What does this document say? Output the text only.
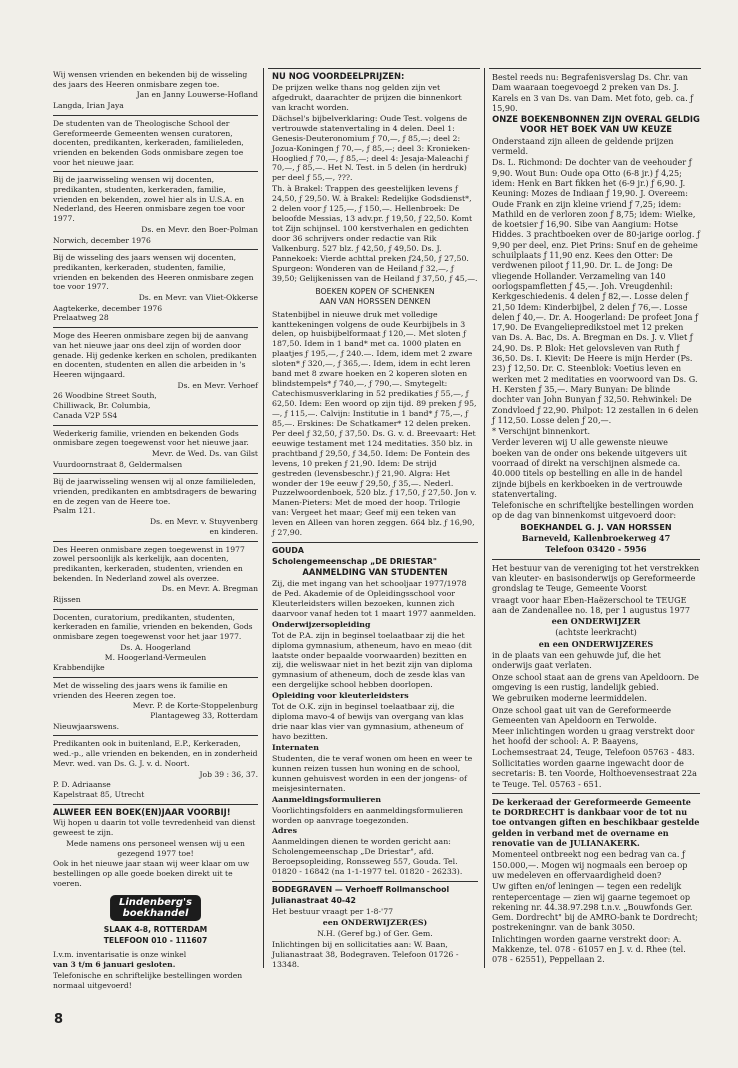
Wij wensen vrienden en bekenden bij de wisseling des jaars des Heeren onmisbare zegen toe.

Jan en Janny Louwerse-Hofland

Langda, Irian Jaya

De studenten van de Theologische School der Gereformeerde Gemeenten wensen curatoren, docenten, predikanten, kerkeraden, familieleden, vrienden en bekenden Gods onmisbare zegen toe voor het nieuwe jaar.

Bij de jaarwisseling wensen wij docenten, predikanten, studenten, kerkeraden, familie, vrienden en bekenden, zowel hier als in U.S.A. en Nederland, des Heeren onmisbare zegen toe voor 1977.

Ds. en Mevr. den Boer-Polman

Norwich, december 1976

Bij de wisseling des jaars wensen wij docenten, predikanten, kerkeraden, studenten, familie, vrienden en bekenden des Heeren onmisbare zegen toe voor 1977.

Ds. en Mevr. van Vliet-Okkerse

Aagtekerke, december 1976
Prelaatweg 28

Moge des Heeren onmisbare zegen bij de aanvang van het nieuwe jaar ons deel zijn of worden door genade. Hij gedenke kerken en scholen, predikanten en docenten, studenten en allen die arbeiden in 's Heeren wijngaard.

Ds. en Mevr. Verhoef

26 Woodbine Street South,
Chilliwack, Br. Columbia,
Canada V2P 5S4

Wederkerig familie, vrienden en bekenden Gods onmisbare zegen toegewenst voor het nieuwe jaar.

Mevr. de Wed. Ds. van Gilst

Vuurdoornstraat 8, Geldermalsen

Bij de jaarwisseling wensen wij al onze familieleden, vrienden, predikanten en ambtsdragers de bewaring en de zegen van de Heere toe.
Psalm 121.

Ds. en Mevr. v. Stuyvenberg
en kinderen.

Des Heeren onmisbare zegen toegewenst in 1977 zowel persoonlijk als kerkelijk, aan docenten, predikanten, kerkeraden, studenten, vrienden en bekenden. In Nederland zowel als overzee.

Ds. en Mevr. A. Bregman

Rijssen

Docenten, curatorium, predikanten, studenten, kerkeraden en familie, vrienden en bekenden, Gods onmisbare zegen toegewenst voor het jaar 1977.

Ds. A. Hoogerland
M. Hoogerland-Vermeulen

Krabbendijke

Met de wisseling des jaars wens ik familie en vrienden des Heeren zegen toe.

Mevr. P. de Korte-Stoppelenburg
Plantageweg 33, Rotterdam

Nieuwjaarswens.

Predikanten ook in buitenland, E.P., Kerkeraden, wed.-p., alle vrienden en bekenden, en in zonderheid Mevr. wed. van Ds. G. J. v. d. Noort.

Job 39 : 36, 37.

P. D. Adriaanse
Kapelstraat 85, Utrecht

ALWEER EEN BOEK(EN)JAAR VOORBIJ!

Wij hopen u daarin tot volle tevredenheid van dienst geweest te zijn.

Mede namens ons personeel wensen wij u een gezegend 1977 toe!

Ook in het nieuwe jaar staan wij weer klaar om uw bestellingen op alle goede boeken direkt uit te voeren.

Lindenberg's
boekhandel

SLAAK 4-8, ROTTERDAM

TELEFOON 010 - 111607

I.v.m. inventarisatie is onze winkel

van 3 t/m 6 januari gesloten.

Telefonische en schriftelijke bestellingen worden normaal uitgevoerd!

NU NOG VOORDEELPRIJZEN:

De prijzen welke thans nog gelden zijn vet afgedrukt, daarachter de prijzen die binnenkort van kracht worden.

Dächsel's bijbelverklaring: Oude Test. volgens de vertrouwde statenvertaling in 4 delen. Deel 1: Genesis-Deuteronomium ƒ 70,—, ƒ 85,—; deel 2: Jozua-Koningen ƒ 70,—, ƒ 85,—; deel 3: Kronieken-Hooglied ƒ 70,—, ƒ 85,—; deel 4: Jesaja-Maleachi ƒ 70,—, ƒ 85,—. Het N. Test. in 5 delen (in herdruk) per deel ƒ 55,—, ???.

Th. à Brakel: Trappen des geestelijken levens ƒ 24,50, ƒ 29,50. W. à Brakel: Redelijke Godsdienst*, 2 delen voor ƒ 125,—, ƒ 150,—. Hellenbroek: De beloofde Messias, 13 adv.pr. ƒ 19,50, ƒ 22,50. Komt tot Zijn schijnsel. 100 kerstverhalen en gedichten door 36 schrijvers onder redactie van Rik Valkenburg. 527 blz. ƒ 42,50, ƒ 49,50. Ds. J. Pannekoek: Vierde achttal preken ƒ24,50, ƒ 27,50. Spurgeon: Wonderen van de Heiland ƒ 32,—, ƒ 39,50; Gelijkenissen van de Heiland ƒ 37,50, ƒ 45,—.

BOEKEN KOPEN OF SCHENKEN
AAN VAN HORSSEN DENKEN

Statenbijbel in nieuwe druk met volledige kanttekeningen volgens de oude Keurbijbels in 3 delen, op huisbijbelformaat ƒ 120,—. Met sloten ƒ 187,50. Idem in 1 band* met ca. 1000 platen en plaatjes ƒ 195,—, ƒ 240.—. Idem, idem met 2 zware sloten* ƒ 320,—, ƒ 365,—. Idem, idem in echt leren band met 8 zware hoeken en 2 koperen sloten en blindstempels* ƒ 740,—, ƒ 790,—. Smytegelt: Catechismusverklaring in 52 predikaties ƒ 55,—, ƒ 62,50. Idem: Een woord op zijn tijd. 89 preken ƒ 95,—, ƒ 115,—. Calvijn: Institutie in 1 band* ƒ 75,—, ƒ 85,—. Erskines: De Schatkamer* 12 delen preken. Per deel ƒ 32,50, ƒ 37,50. Ds. G. v. d. Breevaart: Het eeuwige testament met 124 meditaties. 350 blz. in prachtband ƒ 29,50, ƒ 34,50. Idem: De Fontein des levens, 10 preken ƒ 21,90. Idem: De strijd gestreden (levensbeschr.) ƒ 21,90. Algra: Het wonder der 19e eeuw ƒ 29,50, ƒ 35,—. Nederl. Puzzelwoordenboek, 520 blz. ƒ 17,50, ƒ 27,50. Jon v. Manen-Pieters: Met de moed der hoop. Trilogie van: Vergeet het maar; Geef mij een teken van leven en Alleen van horen zeggen. 664 blz. ƒ 16,90, ƒ 27,90.

GOUDA

Scholengemeenschap „DE DRIESTAR"

AANMELDING VAN STUDENTEN

Zij, die met ingang van het schooljaar 1977/1978 de Ped. Akademie of de Opleidingsschool voor Kleuterleidsters willen bezoeken, kunnen zich daarvoor vanaf heden tot 1 maart 1977 aanmelden.

Onderwijzersopleiding

Tot de P.A. zijn in beginsel toelaatbaar zij die het diploma gymnasium, atheneum, havo en meao (dit laatste onder bepaalde voorwaarden) bezitten en zij, die weliswaar niet in het bezit zijn van diploma gymnasium of atheneum, doch de zesde klas van een dergelijke school hebben doorlopen.

Opleiding voor kleuterleidsters

Tot de O.K. zijn in beginsel toelaatbaar zij, die diploma mavo-4 of bewijs van overgang van klas drie naar klas vier van gymnasium, atheneum of havo bezitten.

Internaten

Studenten, die te veraf wonen om heen en weer te kunnen reizen tussen hun woning en de school, kunnen gehuisvest worden in een der jongens- of meisjesinternaten.

Aanmeldingsformulieren

Voorlichtingsfolders en aanmeldingsformulieren worden op aanvrage toegezonden.

Adres

Aanmeldingen dienen te worden gericht aan: Scholengemeenschap „De Driestar", afd. Beroepsopleiding, Ronsseweg 557, Gouda. Tel. 01820 - 16842 (na 1-1-1977 tel. 01820 - 26233).

BODEGRAVEN — Verhoeff Rollmanschool

Julianastraat 40-42

Het bestuur vraagt per 1-8-'77

een ONDERWIJZER(ES)

N.H. (Geref bg.) of Ger. Gem.

Inlichtingen bij en sollicitaties aan: W. Baan, Julianastraat 38, Bodegraven. Telefoon 01726 - 13348.

Bestel reeds nu: Begrafenisverslag Ds. Chr. van Dam waaraan toegevoegd 2 preken van Ds. J. Karels en 3 van Ds. van Dam. Met foto, geb. ca. ƒ 15,90.

ONZE BOEKENBONNEN ZIJN OVERAL GELDIG VOOR HET BOEK VAN UW KEUZE

Onderstaand zijn alleen de geldende prijzen vermeld.

Ds. L. Richmond: De dochter van de veehouder ƒ 9,90. Wout Bun: Oude opa Otto (6-8 jr.) ƒ 4,25; idem: Henk en Bart fikken het (6-9 jr.) ƒ 6,90. J. Keuning: Mozes de Indiaan ƒ 19,90. J. Overeem: Oude Frank en zijn kleine vriend ƒ 7,25; idem: Mathild en de verloren zoon ƒ 8,75; idem: Wielke, de koetsier ƒ 16,90. Sibe van Aangium: Hotse Hiddes. 3 prachtboeken over de 80-jarige oorlog. ƒ 9,90 per deel, enz. Piet Prins: Snuf en de geheime schuilplaats ƒ 11,90 enz. Kees den Otter: De verdwenen piloot ƒ 11,90. Dr. L. de Jong: De vliegende Hollander. Verzameling van 140 oorlogspamfletten ƒ 45,—. Joh. Vreugdenhil: Kerkgeschiedenis. 4 delen ƒ 82,—. Losse delen ƒ 21,50 Idem: Kinderbijbel, 2 delen ƒ 76,—. Losse delen ƒ 40,—. Dr. A. Hoogerland: De profeet Jona ƒ 17,90. De Evangeliepredikstoel met 12 preken van Ds. A. Bac, Ds. A. Bregman en Ds. J. v. Vliet ƒ 24,90. Ds. P. Blok: Het gelovsleven van Ruth ƒ 36,50. Ds. I. Kievit: De Heere is mijn Herder (Ps. 23) ƒ 12,50. Dr. C. Steenblok: Voetius leven en werken met 2 meditaties en voorwoord van Ds. G. H. Kersten ƒ 35,—. Mary Bunyan: De blinde dochter van John Bunyan ƒ 32,50. Rehwinkel: De Zondvloed ƒ 22,90. Philpot: 12 zestallen in 6 delen ƒ 112,50. Losse delen ƒ 20,—.

* Verschijnt binnenkort.

Verder leveren wij U alle gewenste nieuwe boeken van de onder ons bekende uitgevers uit voorraad of direkt na verschijnen alsmede ca. 40.000 titels op bestelling en alle in de handel zijnde bijbels en kerkboeken in de vertrouwde statenvertaling.

Telefonische en schriftelijke bestellingen worden op de dag van binnenkomst uitgevoerd door:

BOEKHANDEL G. J. VAN HORSSEN

Barneveld, Kallenbroekerweg 47

Telefoon 03420 - 5956

Het bestuur van de vereniging tot het verstrekken van kleuter- en basisonderwijs op Gereformeerde grondslag te Teuge, Gemeente Voorst

vraagt voor haar Eben-Haëzerschool te TEUGE aan de Zandenallee no. 18, per 1 augustus 1977

een ONDERWIJZER

(achtste leerkracht)

en een ONDERWIJZERES

in de plaats van een gehuwde juf, die het onderwijs gaat verlaten.

Onze school staat aan de grens van Apeldoorn. De omgeving is een rustig, landelijk gebied.

We gebruiken moderne leermiddelen.

Onze school gaat uit van de Gereformeerde Gemeenten van Apeldoorn en Terwolde.

Meer inlichtingen worden u graag verstrekt door het hoofd der school: A. P. Baayens, Lochemsestraat 24, Teuge, Telefoon 05763 - 483.

Sollicitaties worden gaarne ingewacht door de secretaris: B. ten Voorde, Holthoevensestraat 22a te Teuge. Tel. 05763 - 651.

De kerkeraad der Gereformeerde Gemeente te DORDRECHT is dankbaar voor de tot nu toe ontvangen giften en beschikbaar gestelde gelden in verband met de overname en renovatie van de JULIANAKERK.

Momenteel ontbreekt nog een bedrag van ca. ƒ 150.000,—. Mogen wij nogmaals een beroep op uw medeleven en offervaardigheid doen?

Uw giften en/of leningen — tegen een redelijk rentepercentage — zien wij gaarne tegemoet op rekening nr. 44.38.97.298 t.n.v. „Bouwfonds Ger. Gem. Dordrecht" bij de AMRO-bank te Dordrecht; postrekeningnr. van de bank 3050.

Inlichtingen worden gaarne verstrekt door: A. Makkenze, tel. 078 - 61057 en J. v. d. Rhee (tel. 078 - 62551), Peppellaan 2.

8
